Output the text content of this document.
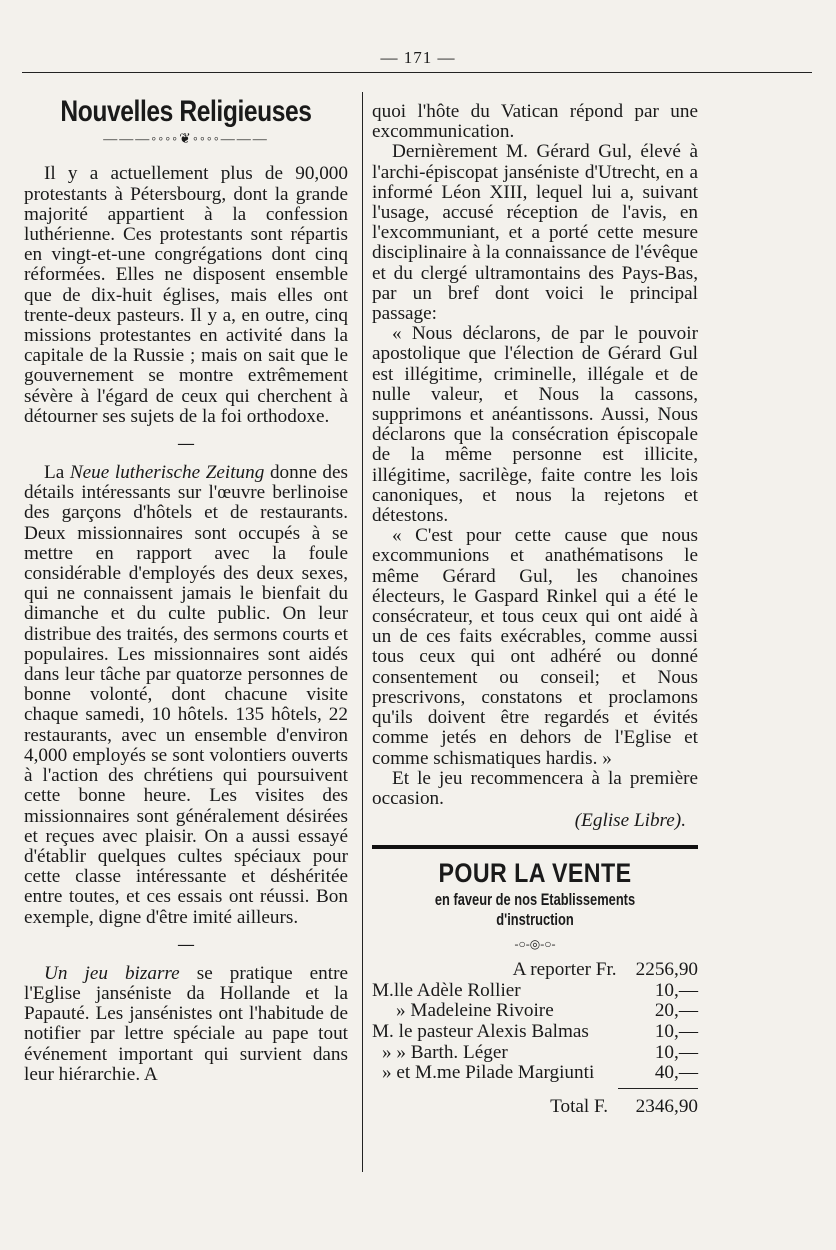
— 171 —
Nouvelles Religieuses
———◦◦◦◦❦◦◦◦◦———

Il y a actuellement plus de 90,000 protestants à Pétersbourg, dont la grande majorité appartient à la confession luthérienne. Ces protestants sont répartis en vingt-et-une congrégations dont cinq réformées. Elles ne disposent ensemble que de dix-huit églises, mais elles ont trente-deux pasteurs. Il y a, en outre, cinq missions protestantes en activité dans la capitale de la Russie ; mais on sait que le gouvernement se montre extrêmement sévère à l'égard de ceux qui cherchent à détourner ses sujets de la foi orthodoxe.

—

La Neue lutherische Zeitung donne des détails intéressants sur l'œuvre berlinoise des garçons d'hôtels et de restaurants. Deux missionnaires sont occupés à se mettre en rapport avec la foule considérable d'employés des deux sexes, qui ne connaissent jamais le bienfait du dimanche et du culte public. On leur distribue des traités, des sermons courts et populaires. Les missionnaires sont aidés dans leur tâche par quatorze personnes de bonne volonté, dont chacune visite chaque samedi, 10 hôtels. 135 hôtels, 22 restaurants, avec un ensemble d'environ 4,000 employés se sont volontiers ouverts à l'action des chrétiens qui poursuivent cette bonne heure. Les visites des missionnaires sont généralement désirées et reçues avec plaisir. On a aussi essayé d'établir quelques cultes spéciaux pour cette classe intéressante et déshéritée entre toutes, et ces essais ont réussi. Bon exemple, digne d'être imité ailleurs.

—

Un jeu bizarre se pratique entre l'Eglise janséniste da Hollande et la Papauté. Les jansénistes ont l'habitude de notifier par lettre spéciale au pape tout événement important qui survient dans leur hiérarchie. A

quoi l'hôte du Vatican répond par une excommunication.

Dernièrement M. Gérard Gul, élevé à l'archi-épiscopat janséniste d'Utrecht, en a informé Léon XIII, lequel lui a, suivant l'usage, accusé réception de l'avis, en l'excommuniant, et a porté cette mesure disciplinaire à la connaissance de l'évêque et du clergé ultramontains des Pays-Bas, par un bref dont voici le principal passage:

« Nous déclarons, de par le pouvoir apostolique que l'élection de Gérard Gul est illégitime, criminelle, illégale et de nulle valeur, et Nous la cassons, supprimons et anéantissons. Aussi, Nous déclarons que la consécration épiscopale de la même personne est illicite, illégitime, sacrilège, faite contre les lois canoniques, et nous la rejetons et détestons.

« C'est pour cette cause que nous excommunions et anathématisons le même Gérard Gul, les chanoines électeurs, le Gaspard Rinkel qui a été le consécrateur, et tous ceux qui ont aidé à un de ces faits exécrables, comme aussi tous ceux qui ont adhéré ou donné consentement ou conseil; et Nous prescrivons, constatons et proclamons qu'ils doivent être regardés et évités comme jetés en dehors de l'Eglise et comme schismatiques hardis. »

Et le jeu recommencera à la première occasion.

(Eglise Libre).
POUR LA VENTE
en faveur de nos Etablissements d'instruction
-○-◎-○-
A reporter Fr.	2256,90
M.lle Adèle Rollier	10,—
» Madeleine Rivoire	20,—
M. le pasteur Alexis Balmas	10,—
» » Barth. Léger	10,—
» et M.me Pilade Margiunti	40,—
Total F.	2346,90
